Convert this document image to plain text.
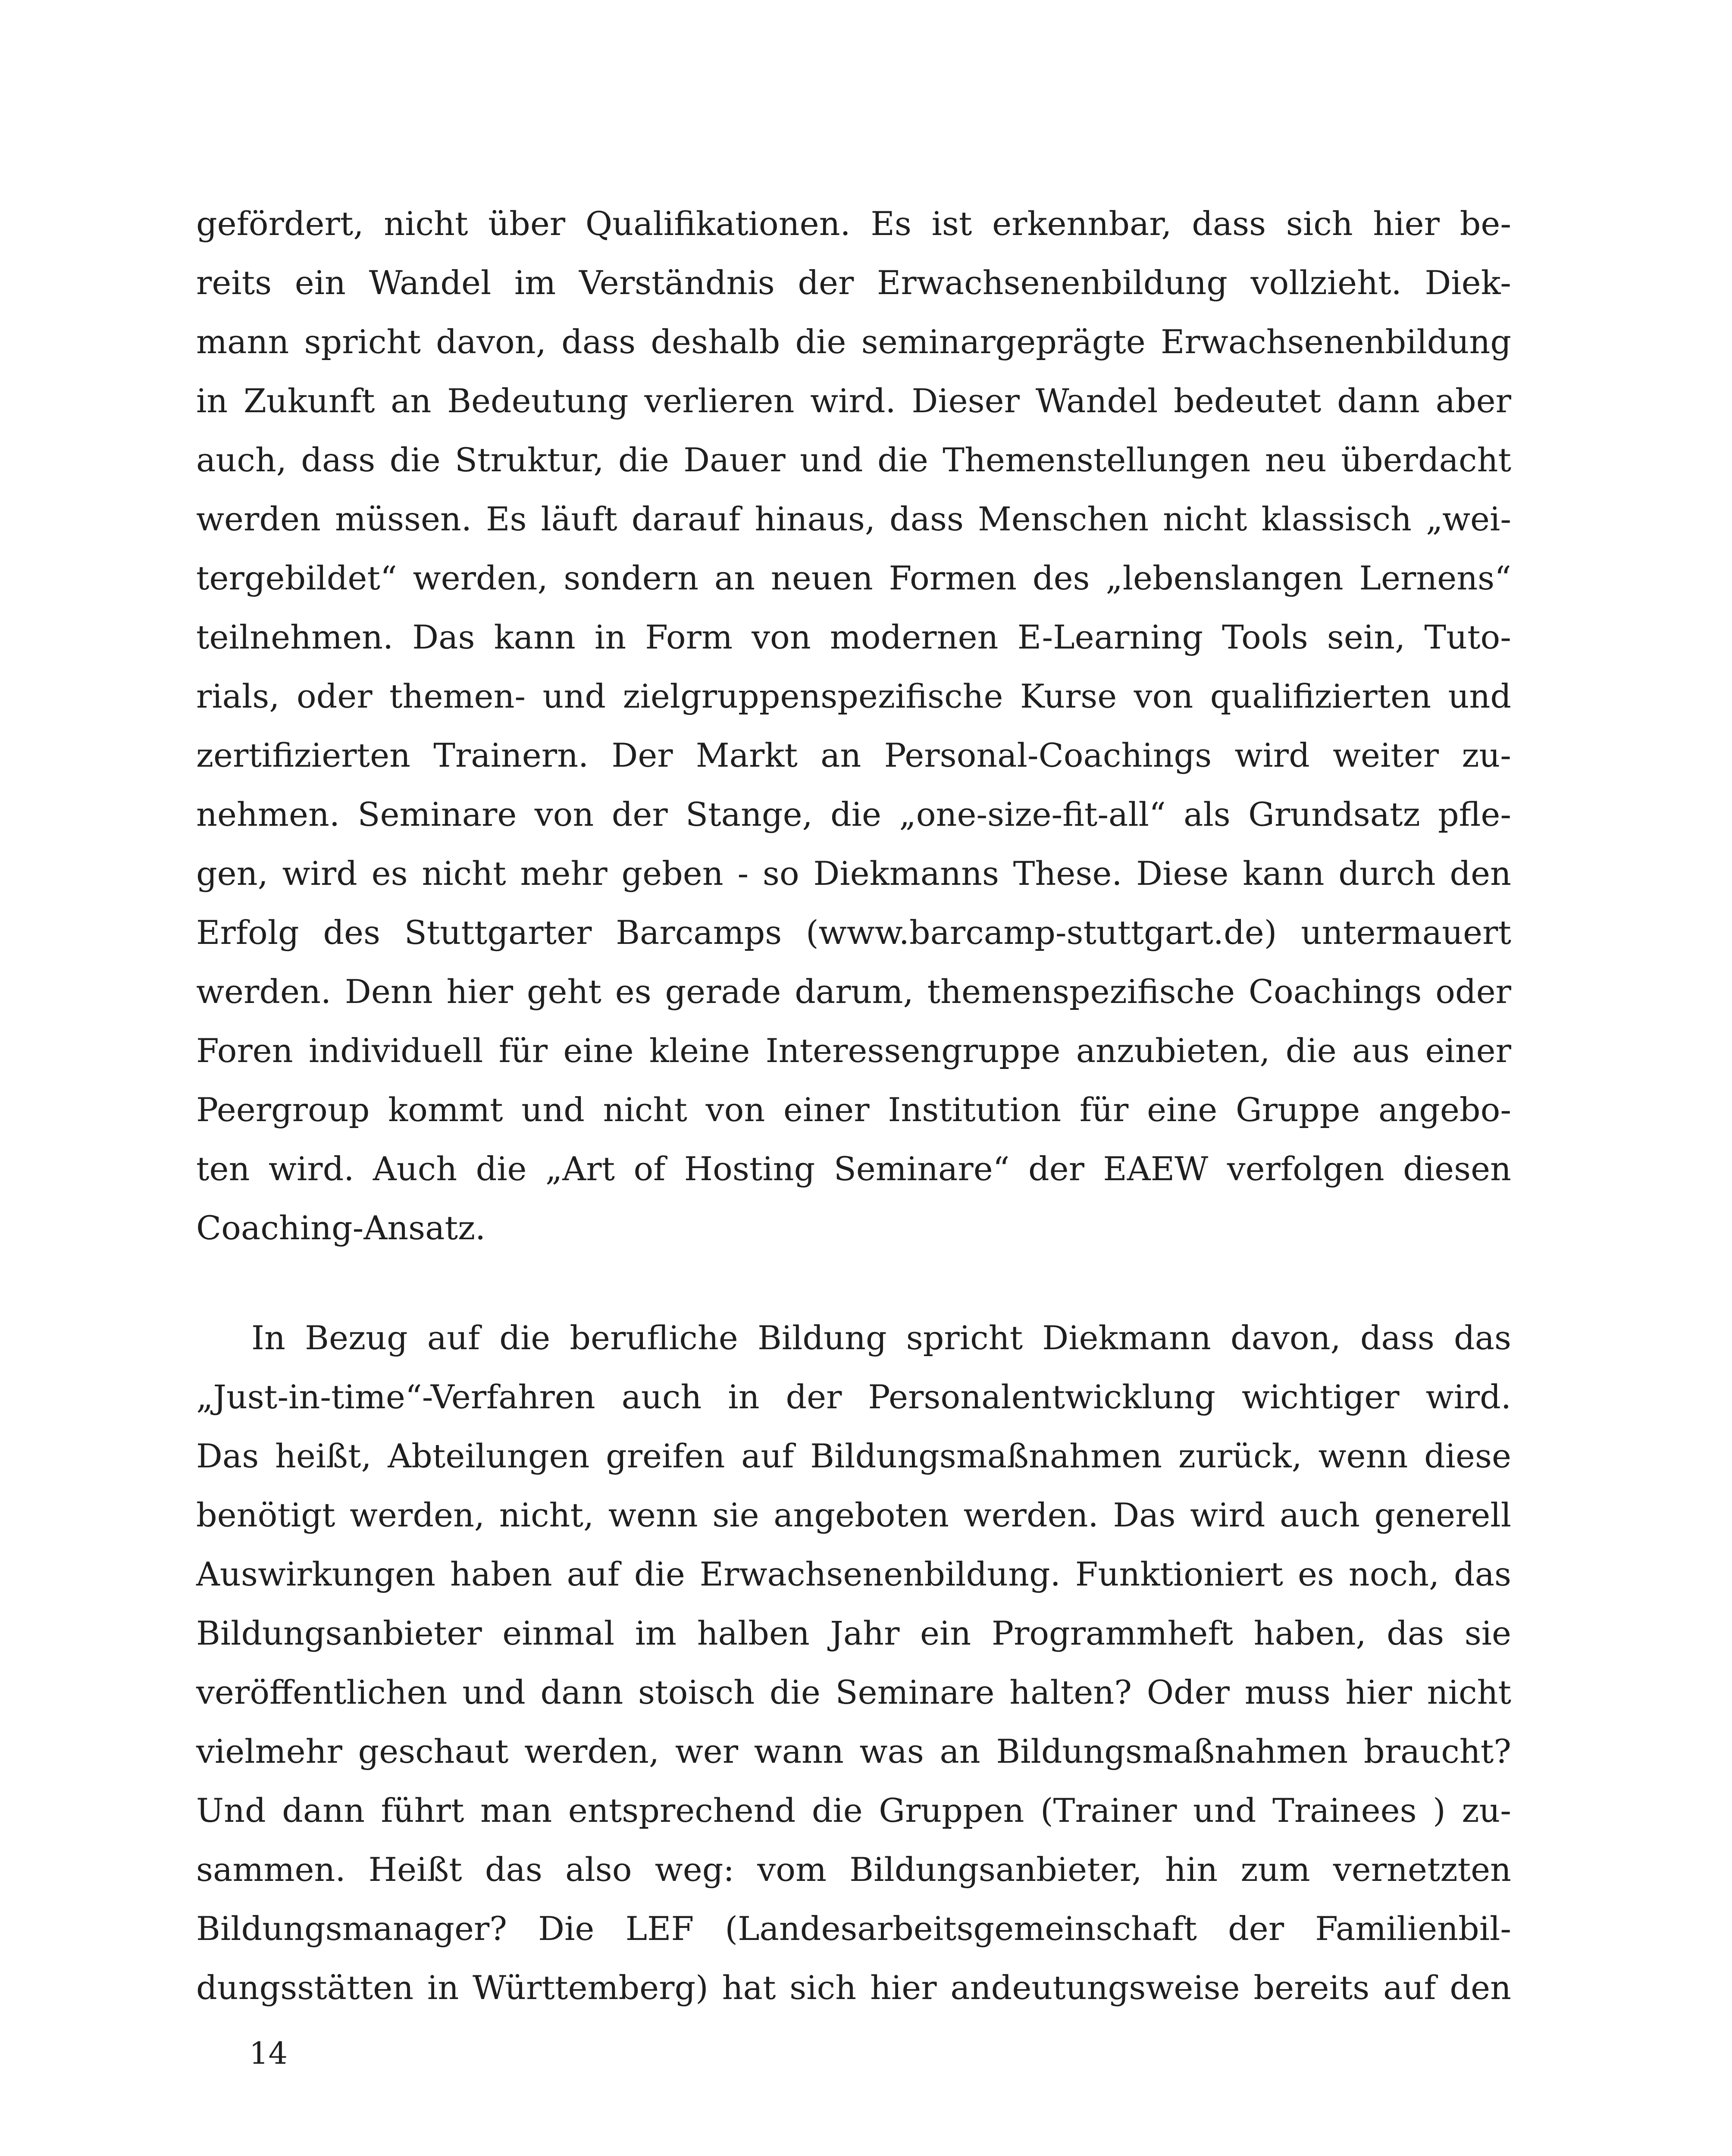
gefördert, nicht über Qualifikationen. Es ist erkennbar, dass sich hier be-
reits ein Wandel im Verständnis der Erwachsenenbildung vollzieht. Diek-
mann spricht davon, dass deshalb die seminargeprägte Erwachsenenbildung
in Zukunft an Bedeutung verlieren wird. Dieser Wandel bedeutet dann aber
auch, dass die Struktur, die Dauer und die Themenstellungen neu überdacht
werden müssen. Es läuft darauf hinaus, dass Menschen nicht klassisch „wei-
tergebildet“ werden, sondern an neuen Formen des „lebenslangen Lernens“
teilnehmen. Das kann in Form von modernen E-Learning Tools sein, Tuto-
rials, oder themen- und zielgruppenspezifische Kurse von qualifizierten und
zertifizierten Trainern. Der Markt an Personal-Coachings wird weiter zu-
nehmen. Seminare von der Stange, die „one-size-fit-all“ als Grundsatz pfle-
gen, wird es nicht mehr geben - so Diekmanns These. Diese kann durch den
Erfolg des Stuttgarter Barcamps (www.barcamp-stuttgart.de) untermauert
werden. Denn hier geht es gerade darum, themenspezifische Coachings oder
Foren individuell für eine kleine Interessengruppe anzubieten, die aus einer
Peergroup kommt und nicht von einer Institution für eine Gruppe angebo-
ten wird. Auch die „Art of Hosting Seminare“ der EAEW verfolgen diesen
Coaching-Ansatz.
In Bezug auf die berufliche Bildung spricht Diekmann davon, dass das
„Just-in-time“-Verfahren auch in der Personalentwicklung wichtiger wird.
Das heißt, Abteilungen greifen auf Bildungsmaßnahmen zurück, wenn diese
benötigt werden, nicht, wenn sie angeboten werden. Das wird auch generell
Auswirkungen haben auf die Erwachsenenbildung. Funktioniert es noch, das
Bildungsanbieter einmal im halben Jahr ein Programmheft haben, das sie
veröffentlichen und dann stoisch die Seminare halten? Oder muss hier nicht
vielmehr geschaut werden, wer wann was an Bildungsmaßnahmen braucht?
Und dann führt man entsprechend die Gruppen (Trainer und Trainees ) zu-
sammen. Heißt das also weg: vom Bildungsanbieter, hin zum vernetzten
Bildungsmanager? Die LEF (Landesarbeitsgemeinschaft der Familienbil-
dungsstätten in Württemberg) hat sich hier andeutungsweise bereits auf den
14
